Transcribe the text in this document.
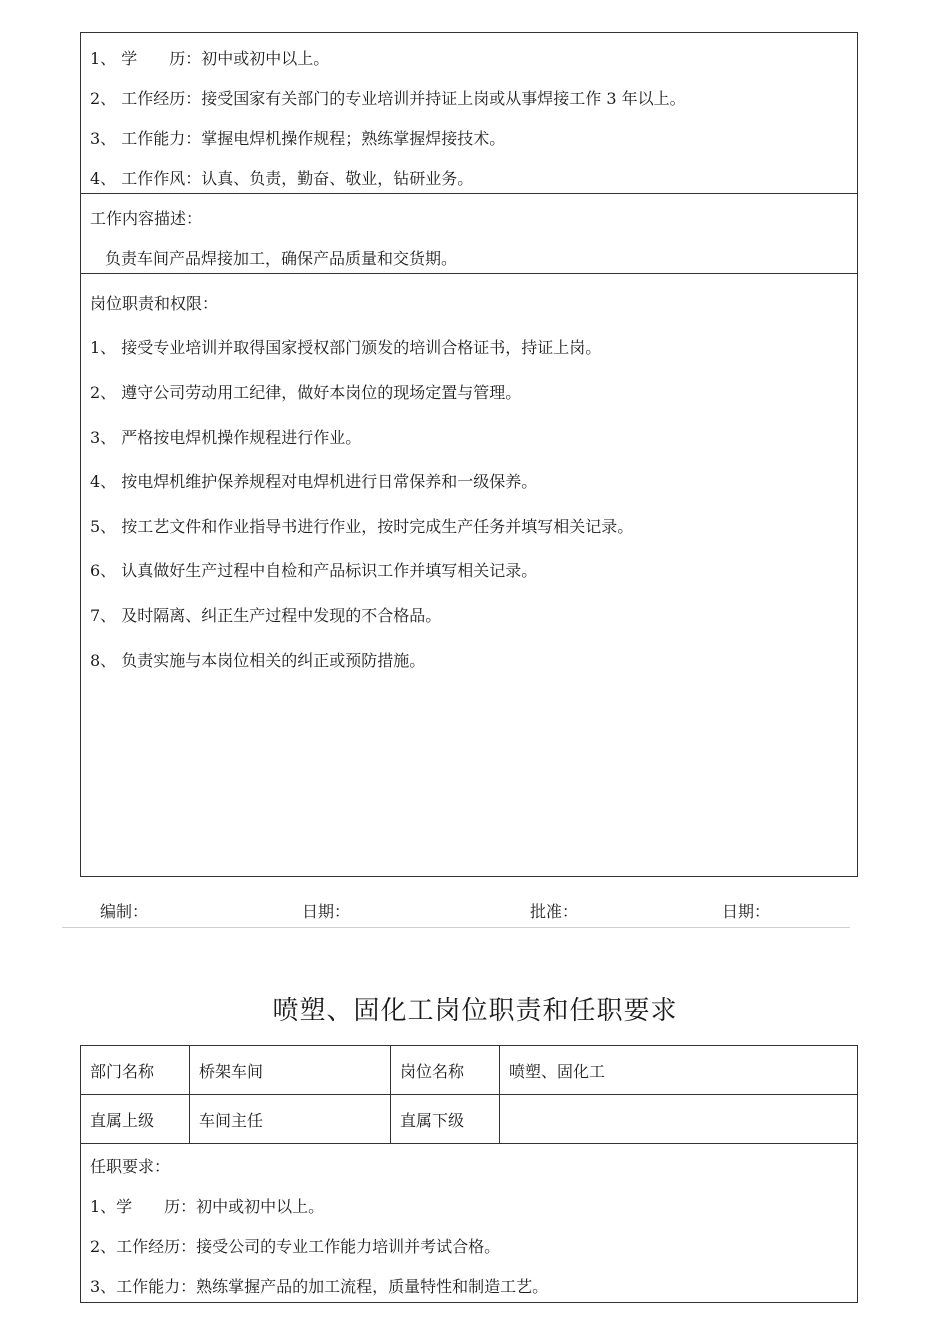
1、 学　　历：初中或初中以上。
2、 工作经历：接受国家有关部门的专业培训并持证上岗或从事焊接工作 3 年以上。
3、 工作能力：掌握电焊机操作规程；熟练掌握焊接技术。
4、 工作作风：认真、负责，勤奋、敬业，钻研业务。
工作内容描述：
负责车间产品焊接加工，确保产品质量和交货期。
岗位职责和权限：
1、 接受专业培训并取得国家授权部门颁发的培训合格证书，持证上岗。
2、 遵守公司劳动用工纪律，做好本岗位的现场定置与管理。
3、 严格按电焊机操作规程进行作业。
4、 按电焊机维护保养规程对电焊机进行日常保养和一级保养。
5、 按工艺文件和作业指导书进行作业，按时完成生产任务并填写相关记录。
6、 认真做好生产过程中自检和产品标识工作并填写相关记录。
7、 及时隔离、纠正生产过程中发现的不合格品。
8、 负责实施与本岗位相关的纠正或预防措施。
编制：	日期：	批准：	日期：
喷塑、固化工岗位职责和任职要求
部门名称	桥架车间	岗位名称	喷塑、固化工
直属上级	车间主任	直属下级	
任职要求：
1、学　　历：初中或初中以上。
2、工作经历：接受公司的专业工作能力培训并考试合格。
3、工作能力：熟练掌握产品的加工流程，质量特性和制造工艺。
